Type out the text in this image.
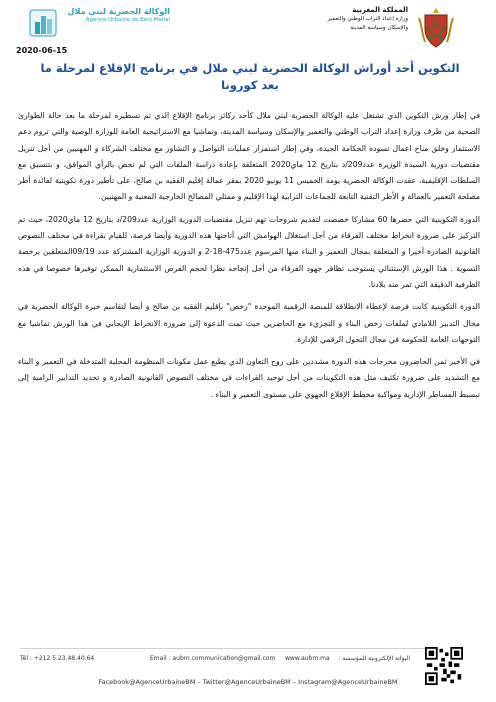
الوكالة الحضرية لبني ملال
Agence Urbaine de Beni Mellal
المملكة المغربية
وزارة إعداد التراب الوطني والتعمير
والإسكان وسياسة المدينة
2020-06-15
التكوين أحد أوراش الوكالة الحضرية لبني ملال في برنامج الإقلاع لمرحلة ما بعد كورونا

في إطار ورش التكوين الذي تشتغل عليه الوكالة الحضرية لبني ملال كأحد ركائز برنامج الإقلاع الذي تم تسطيره لمرحلة ما بعد حالة الطوارئ الصحية من طرف وزارة إعداد التراب الوطني والتعمير والإسكان وسياسة المدينة، وتماشيا مع الاستراتيجية العامة للوزارة الوصية والتي تروم دعم الاستثمار وخلق مناخ اعمال تسوده الحكامة الجيدة، وفي إطار استمرار عمليات التواصل و التشاور مع مختلف الشركاء و المهنيين من أجل تنزيل مقتضيات دورية السيدة الوزيرة عدد209/د بتاريخ 12 ماي2020 المتعلقة بإعادة دراسة الملفات التي لم تحض بالرأي الموافق، و بتنسيق مع السلطات الإقليمية، عقدت الوكالة الحضرية يومه الخميس 11 يونيو 2020 بمقر عمالة إقليم الفقيه بن صالح، على تأطير دورة تكوينية لفائدة أطر مصلحة التعمير بالعمالة و الأطر التقنية التابعة للجماعات الترابية لهذا الإقليم و ممثلي المصالح الخارجية المعنية و المهنيين.

الدورة التكوينية التي حضرها 60 مشاركا خصصت لتقديم شروحات تهم تنزيل مقتضيات الدورية الوزارية عدد209/د بتاريخ 12 ماي2020، حيث تم التركيز على ضرورة انخراط مختلف الفرقاء من أجل استغلال الهوامش التي أتاحتها هذه الدورية وأيضا فرصة، للقيام بقراءة في مختلف النصوص القانونية الصادرة أخيرا و المتعلقة بمجال التعمير و البناء منها المرسوم عدد475-18-2 و الدورية الوزارية المشتركة عدد 09/19المتعلقين برخصة التسوية . هذا الورش الإستثنائي يستوجب تظافر جهود الفرقاء من أجل إنجاحه نظرا لحجم الفرص الاستثمارية الممكن توفيرها خصوصا في هذه الظرفية الدقيقة التي تمر منه بلادنا.

الدورة التكوينية كانت فرصة لإعطاء الانطلاقة للمنصة الرقمية الموحدة "رخص" بإقليم الفقيه بن صالح و أيضا لتقاسم خبرة الوكالة الحضرية في مجال التدبير اللامادي لملفات رخص البناء و التجزيء مع الحاضرين حيث تمت الدعوة إلى ضرورة الانخراط الإيجابي في هذا الورش تماشيا مع التوجهات العامة للحكومة في مجال التحول الرقمي للإدارة.

في الأخير ثمن الحاضرون مخرجات هذه الدورة مشددين على روح التعاون الذي يطبع عمل مكونات المنظومة المحلية المتدخلة في التعمير و البناء مع التشديد على ضرورة تكثيف مثل هذه التكوينات من أجل توحيد القراءات في مختلف النصوص القانونية الصادرة و تحديد التدابير الرامية إلى تبسيط المساطر الإدارية ومواكبة مخطط الإقلاع الجهوي على مستوى التعمير و البناء .

Tél : +212 5.23.48.40.64	Email : aubm.communication@gmail.com www.aubm.ma	البوابة الإلكترونية للمؤسسة :
Facebook@AgenceUrbaineBM – Twitter@AgenceUrbaineBM – Instagram@AgenceUrbaineBM
